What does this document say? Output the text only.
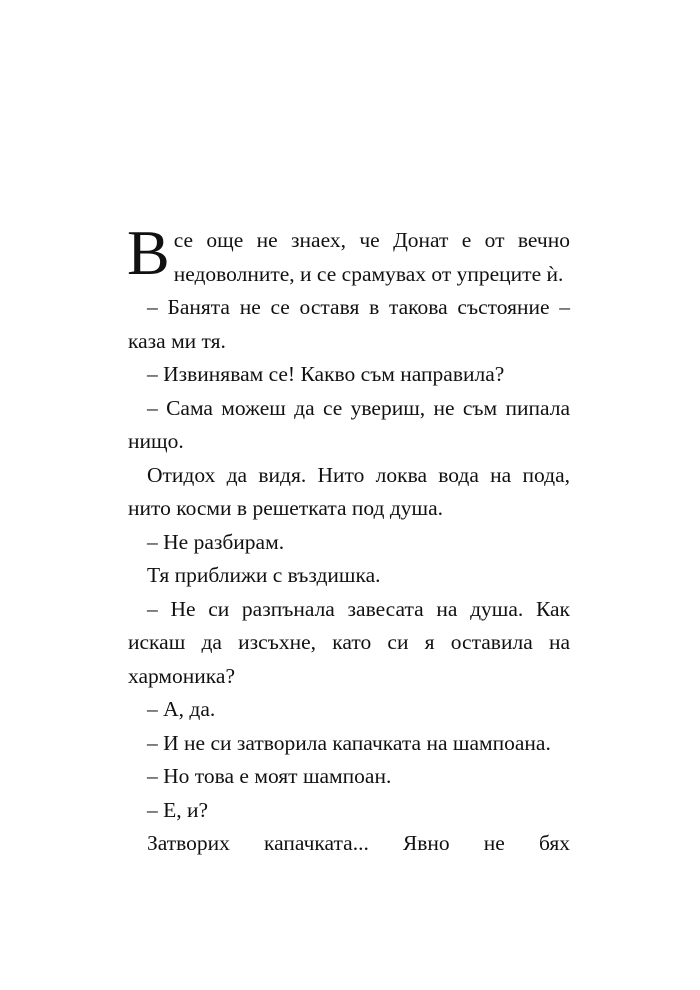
Все още не знаех, че Донат е от вечно недоволните, и се срамувах от упреците ѝ.

– Банята не се оставя в такова състояние – каза ми тя.

– Извинявам се! Какво съм направила?

– Сама можеш да се увериш, не съм пипала нищо.

Отидох да видя. Нито локва вода на пода, нито косми в решетката под душа.

– Не разбирам.

Тя приближи с въздишка.

– Не си разпънала завесата на душа. Как искаш да изсъхне, като си я оставила на хармоника?

– А, да.

– И не си затворила капачката на шампоана.

– Но това е моят шампоан.

– Е, и?

Затворих капачката... Явно не бях
